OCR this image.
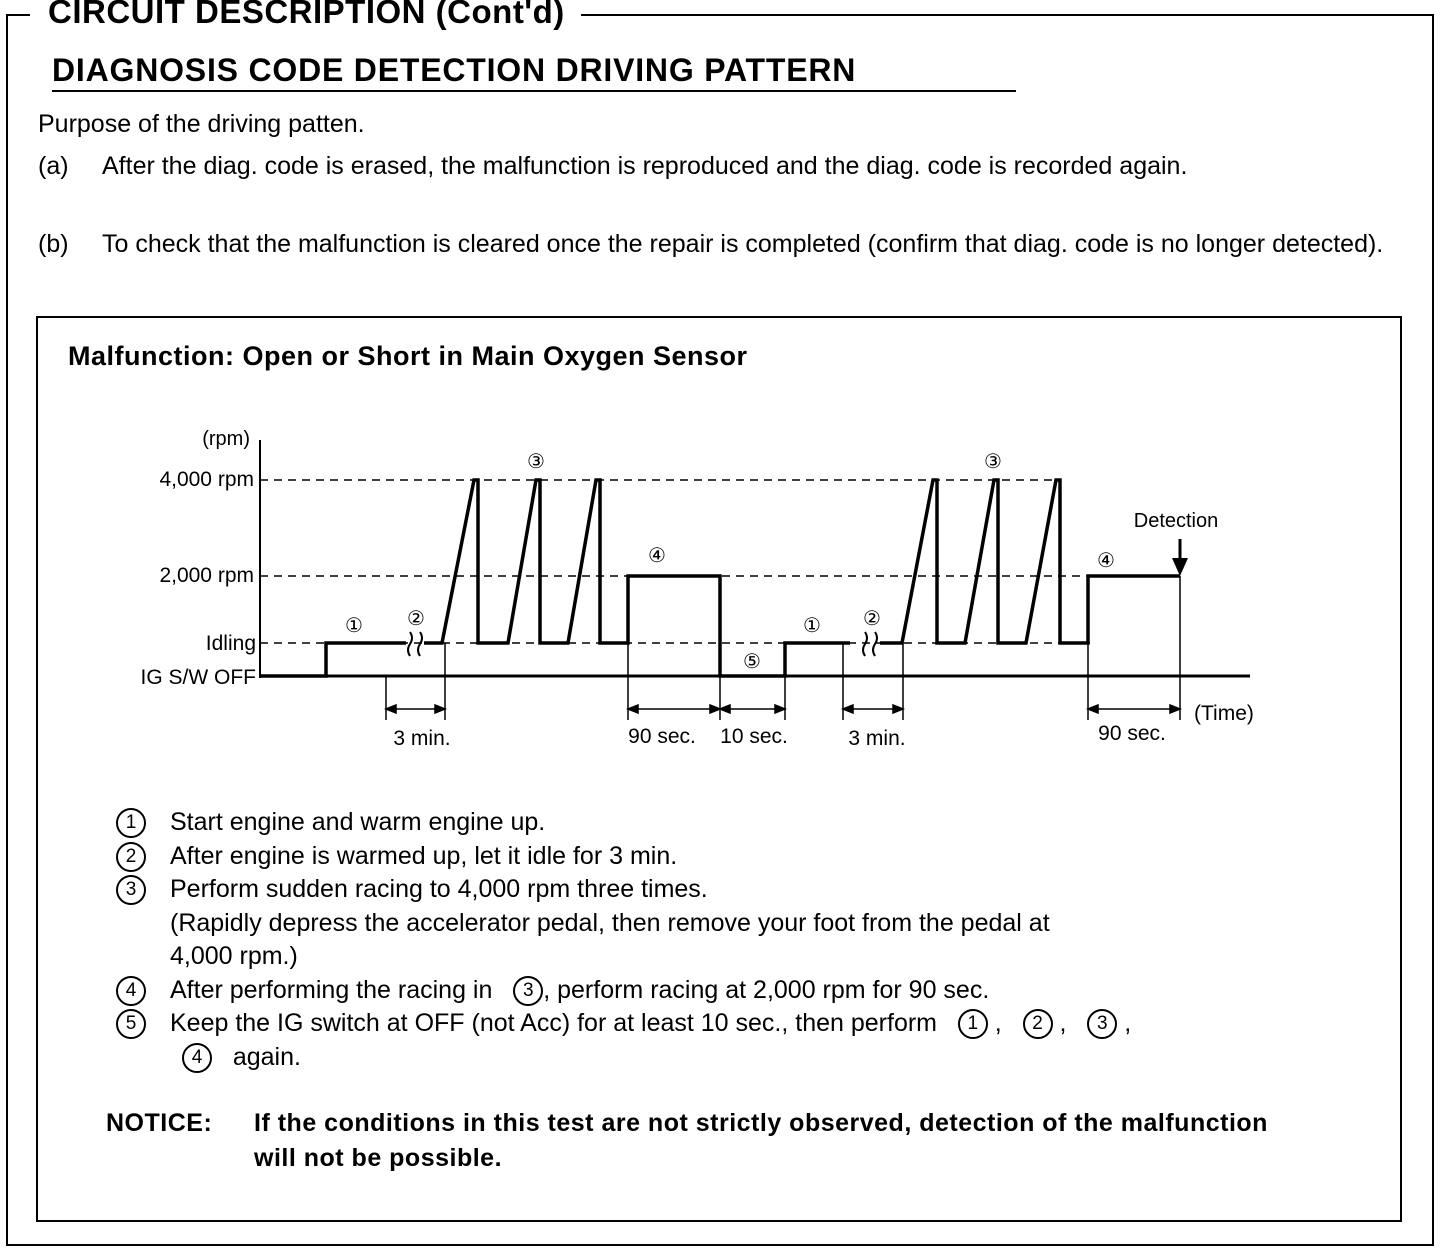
CIRCUIT DESCRIPTION (Cont'd)
DIAGNOSIS CODE DETECTION DRIVING PATTERN
Purpose of the driving patten.
(a) After the diag. code is erased, the malfunction is reproduced and the diag. code is recorded again.
(b) To check that the malfunction is cleared once the repair is completed (confirm that diag. code is no longer detected).
Malfunction: Open or Short in Main Oxygen Sensor
(rpm)
4,000 rpm
2,000 rpm
Idling
IG S/W OFF
① ②
③
④
⑤
① ②
③
④
Detection
3 min.	90 sec. 10 sec.	3 min.	90 sec.
(Time)
1	Start engine and warm engine up.
2	After engine is warmed up, let it idle for 3 min.
3	Perform sudden racing to 4,000 rpm three times.
(Rapidly depress the accelerator pedal, then remove your foot from the pedal at
4,000 rpm.)
4	After performing the racing in 3 , perform racing at 2,000 rpm for 90 sec.
5	Keep the IG switch at OFF (not Acc) for at least 10 sec., then perform 1 ,   2 ,   3 ,
4 again.
NOTICE: If the conditions in this test are not strictly observed, detection of the malfunction will not be possible.
